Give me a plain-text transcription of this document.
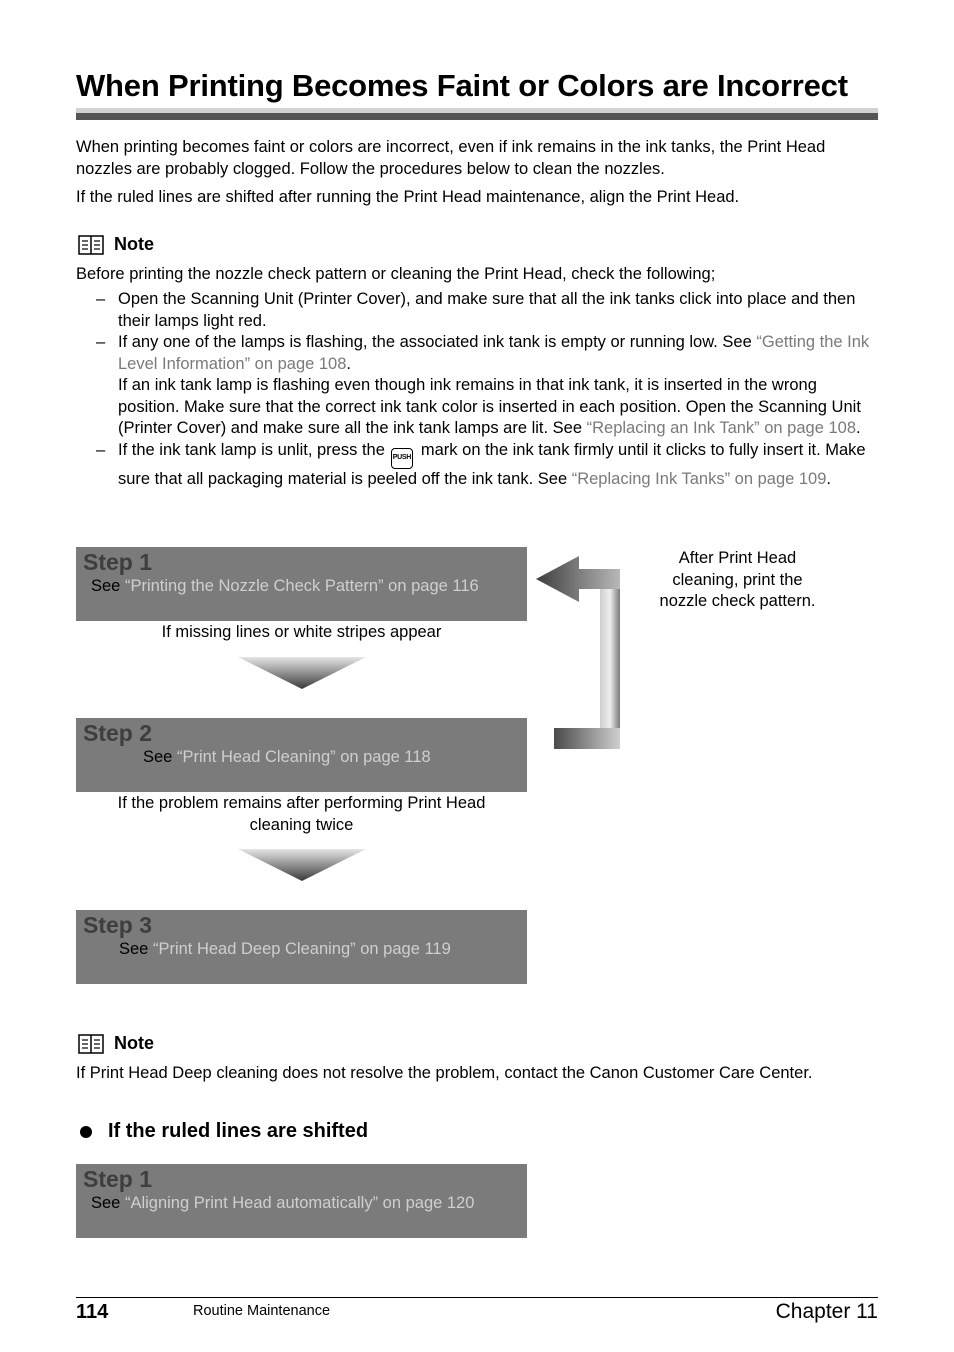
When Printing Becomes Faint or Colors are Incorrect

When printing becomes faint or colors are incorrect, even if ink remains in the ink tanks, the Print Head nozzles are probably clogged. Follow the procedures below to clean the nozzles.

If the ruled lines are shifted after running the Print Head maintenance, align the Print Head.

Note

Before printing the nozzle check pattern or cleaning the Print Head, check the following;

– Open the Scanning Unit (Printer Cover), and make sure that all the ink tanks click into place and then their lamps light red.
– If any one of the lamps is flashing, the associated ink tank is empty or running low. See “Getting the Ink Level Information” on page 108.
If an ink tank lamp is flashing even though ink remains in that ink tank, it is inserted in the wrong position. Make sure that the correct ink tank color is inserted in each position. Open the Scanning Unit (Printer Cover) and make sure all the ink tank lamps are lit. See “Replacing an Ink Tank” on page 108.
– If the ink tank lamp is unlit, press the PUSH mark on the ink tank firmly until it clicks to fully insert it. Make sure that all packaging material is peeled off the ink tank. See “Replacing Ink Tanks” on page 109.
Step 1
See “Printing the Nozzle Check Pattern” on page 116
If missing lines or white stripes appear
Step 2
See “Print Head Cleaning” on page 118
If the problem remains after performing Print Head cleaning twice
Step 3
See “Print Head Deep Cleaning” on page 119
After Print Head cleaning, print the nozzle check pattern.
Note

If Print Head Deep cleaning does not resolve the problem, contact the Canon Customer Care Center.

If the ruled lines are shifted
Step 1
See “Aligning Print Head automatically” on page 120
114	Routine Maintenance	Chapter 11
